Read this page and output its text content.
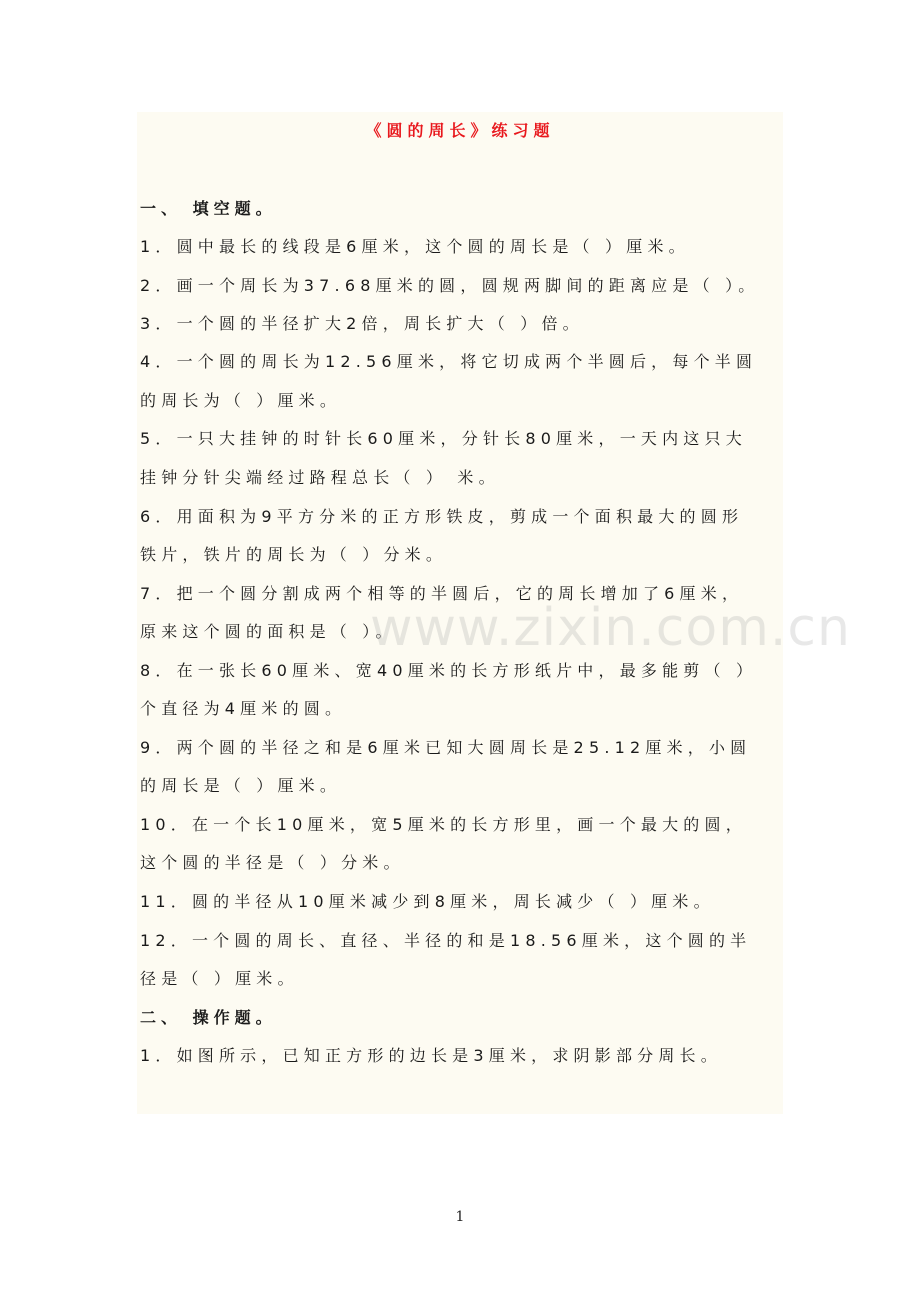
《圆的周长》练习题
一、 填空题。
1．圆中最长的线段是6厘米，这个圆的周长是（ ）厘米。
2．画一个周长为37.68厘米的圆，圆规两脚间的距离应是（ ）。
3．一个圆的半径扩大2倍，周长扩大（ ）倍。
4．一个圆的周长为12.56厘米，将它切成两个半圆后，每个半圆
的周长为（ ）厘米。
5．一只大挂钟的时针长60厘米，分针长80厘米，一天内这只大
挂钟分针尖端经过路程总长（ ） 米。
6．用面积为9平方分米的正方形铁皮，剪成一个面积最大的圆形
铁片，铁片的周长为（ ）分米。
7．把一个圆分割成两个相等的半圆后，它的周长增加了6厘米，
原来这个圆的面积是（ ）。
8．在一张长60厘米、宽40厘米的长方形纸片中，最多能剪（ ）
个直径为4厘米的圆。
9．两个圆的半径之和是6厘米已知大圆周长是25.12厘米，小圆
的周长是（ ）厘米。
10．在一个长10厘米，宽5厘米的长方形里，画一个最大的圆，
这个圆的半径是（ ）分米。
11．圆的半径从10厘米减少到8厘米，周长减少（ ）厘米。
12．一个圆的周长、直径、半径的和是18.56厘米，这个圆的半
径是（ ）厘米。
二、 操作题。
1．如图所示，已知正方形的边长是3厘米，求阴影部分周长。
www.zixin.com.cn
1
